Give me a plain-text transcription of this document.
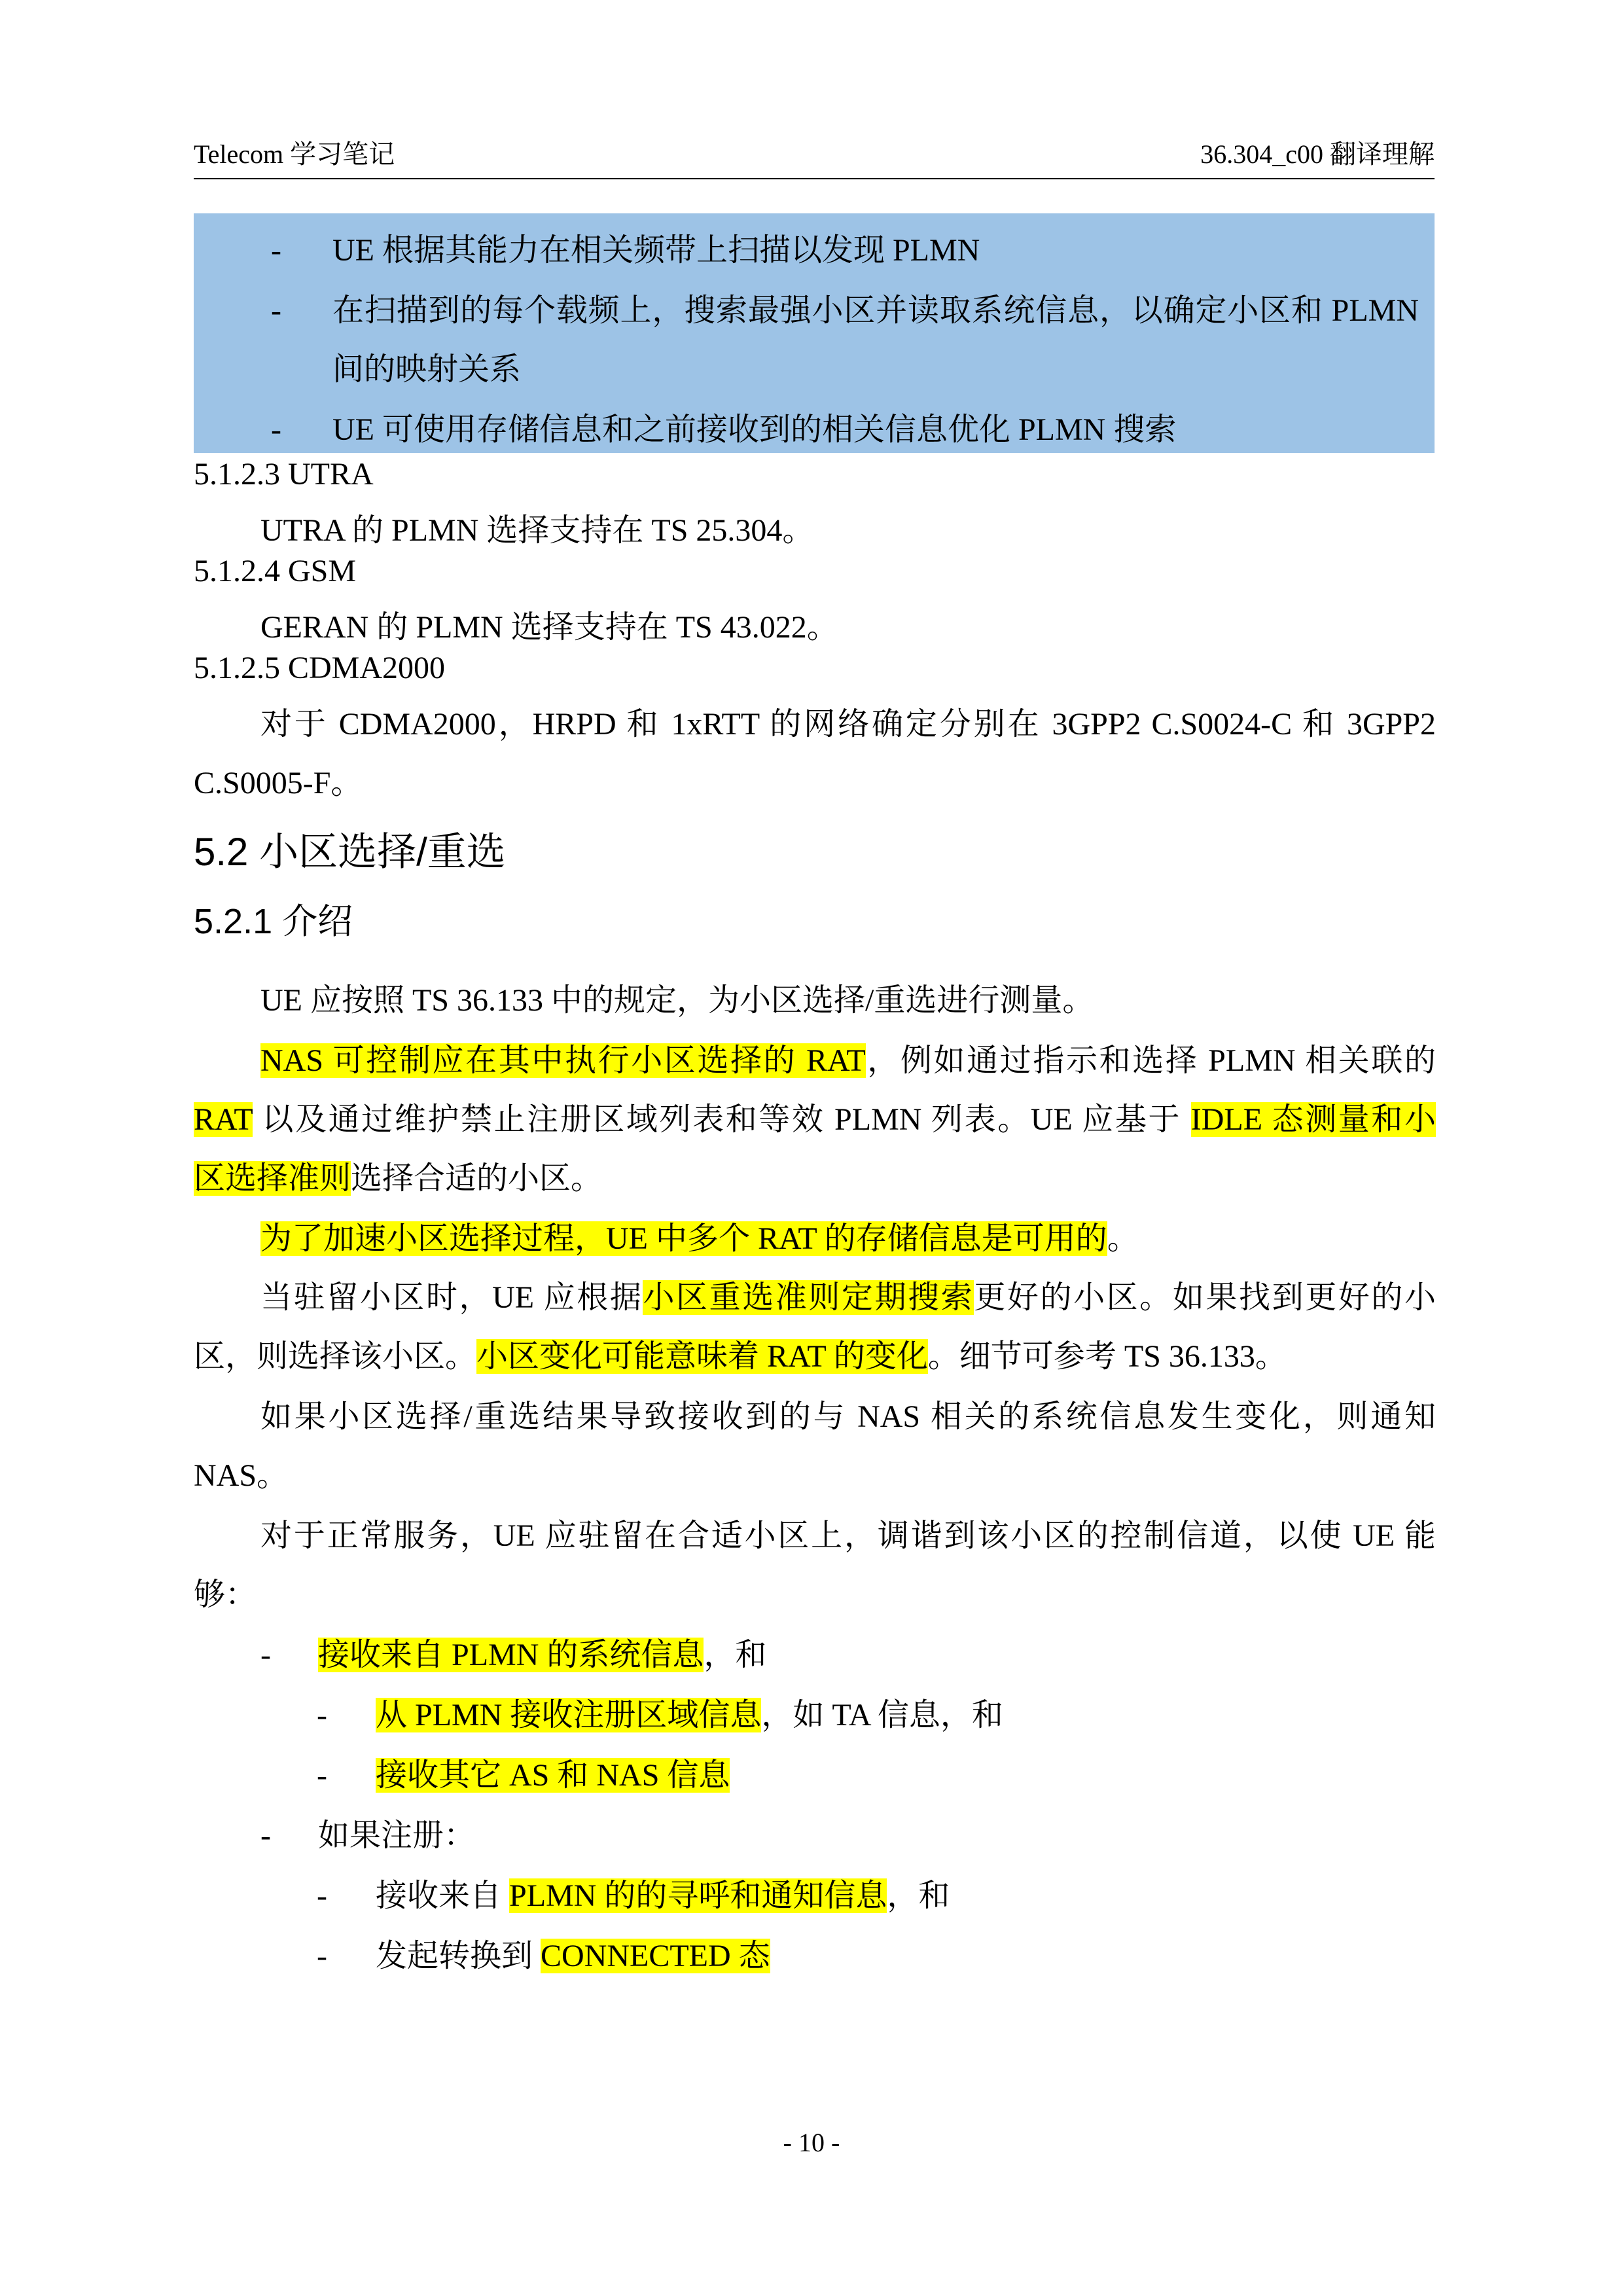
Telecom 学习笔记	36.304_c00 翻译理解
- UE 根据其能力在相关频带上扫描以发现 PLMN
- 在扫描到的每个载频上，搜索最强小区并读取系统信息，以确定小区和 PLMN
间的映射关系
- UE 可使用存储信息和之前接收到的相关信息优化 PLMN 搜索
5.1.2.3 UTRA
UTRA 的 PLMN 选择支持在 TS 25.304。
5.1.2.4 GSM
GERAN 的 PLMN 选择支持在 TS 43.022。
5.1.2.5 CDMA2000
对于 CDMA2000，HRPD 和 1xRTT 的网络确定分别在 3GPP2 C.S0024-C 和 3GPP2
C.S0005-F。
5.2 小区选择/重选
5.2.1 介绍
UE 应按照 TS 36.133 中的规定，为小区选择/重选进行测量。
NAS 可控制应在其中执行小区选择的 RAT，例如通过指示和选择 PLMN 相关联的
RAT 以及通过维护禁止注册区域列表和等效 PLMN 列表。UE 应基于 IDLE 态测量和小
区选择准则选择合适的小区。
为了加速小区选择过程，UE 中多个 RAT 的存储信息是可用的。
当驻留小区时，UE 应根据小区重选准则定期搜索更好的小区。如果找到更好的小
区，则选择该小区。小区变化可能意味着 RAT 的变化。细节可参考 TS 36.133。
如果小区选择/重选结果导致接收到的与 NAS 相关的系统信息发生变化，则通知
NAS。
对于正常服务，UE 应驻留在合适小区上，调谐到该小区的控制信道，以使 UE 能
够：
- 接收来自 PLMN 的系统信息，和
- 从 PLMN 接收注册区域信息，如 TA 信息，和
- 接收其它 AS 和 NAS 信息
- 如果注册：
- 接收来自 PLMN 的的寻呼和通知信息，和
- 发起转换到 CONNECTED 态
- 10 -
